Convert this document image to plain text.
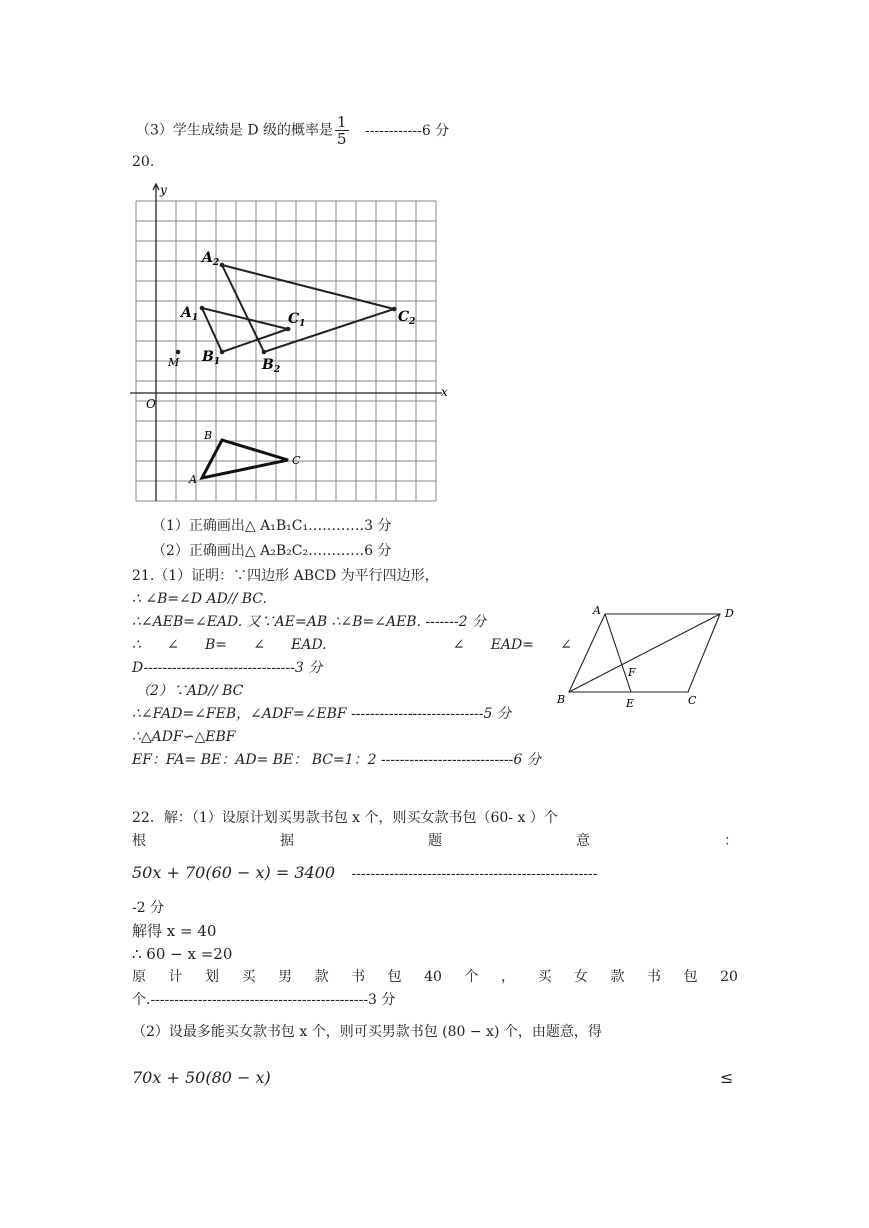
（3）学生成绩是 D 级的概率是 $\frac{1}{5} ------------6$ 分
20.
y
x
O
M
B
C
A
$A_1$
$B_1$
$C_1$
$A_2$
$B_2$
$C_2$
（1）正确画出△ A₁B₁C₁…………3 分
（2）正确画出△ A₂B₂C₂…………6 分
21.（1）证明：∵四边形 ABCD 为平行四边形，
∴ ∠B=∠D AD// BC.
∴∠AEB=∠EAD. 又∵AE=AB ∴∠B=∠AEB. -------2 分
∴ ∠ B= ∠ EAD.	∠ EAD= ∠
D--------------------------------3 分
（2）∵AD// BC
∴∠FAD=∠FEB，∠ADF=∠EBF ----------------------------5 分
∴△ADF∽△EBF
EF：FA= BE：AD= BE： BC=1：2 ----------------------------6 分
A	D
F
B	E	C
22．解：（1）设原计划买男款书包 x 个，则买女款书包（60- x ）个
根	据	题	意	：
50x + 70(60 − x) = 3400 ----------------------------------------------------
-2 分
解得 x = 40
∴ 60 − x =20
原 计 划 买 男 款 书 包 40 个 ， 买 女 款 书 包 20
个.----------------------------------------------3 分
（2）设最多能买女款书包 x 个，则可买男款书包 (80 − x) 个，由题意，得
70x + 50(80 − x)	≤
